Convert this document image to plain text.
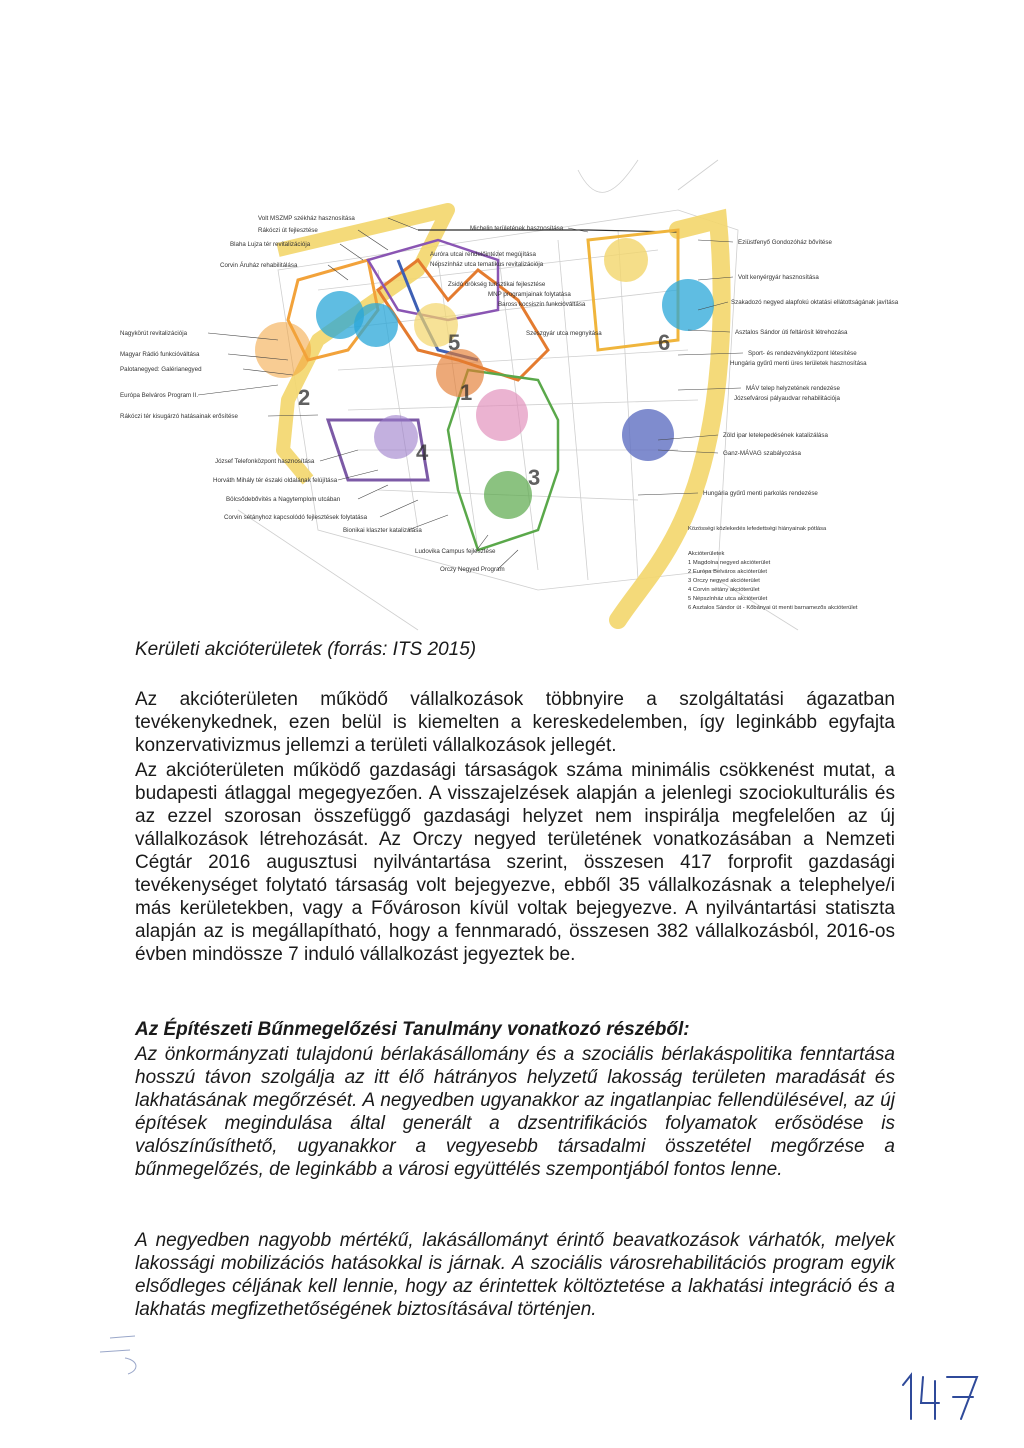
1
2
3
4
5	6
Volt MSZMP székház hasznosítása
Rákóczi út fejlesztése
Blaha Lujza tér revitalizációja
Corvin Áruház rehabilitálása
Nagykörút revitalizációja
Magyar Rádió funkcióváltása
Palotanegyed: Galérianegyed
Európa Belváros Program II.
Rákóczi tér kisugárzó hatásainak erősítése
József Telefonközpont hasznosítása
Horváth Mihály tér északi oldalának felújítása
Bölcsődebővítés a Nagytemplom utcában
Corvin sétányhoz kapcsolódó fejlesztések folytatása
Bionikai klaszter katalizálása
Ludovika Campus fejlesztése
Orczy Negyed Program
Michelin területének hasznosítása
Auróra utcai rendelőintézet megújítása
Népszínház utca tematikus revitalizációja
Zsidó örökség turisztikai fejlesztése
MNP programjainak folytatása
Baross kocsiszín funkcióváltása
Szeszgyár utca megnyitása
Eziüstfenyő Gondozóház bővítése
Volt kenyérgyár hasznosítása
Szakadozó negyed alapfokú oktatási ellátottságának javítása
Asztalos Sándor úti feltárósít létrehozása
Sport- és rendezvényközpont létesítése
Hungária gyűrű menti üres területek hasznosítása
MÁV telep helyzetének rendezése
Józsefvárosi pályaudvar rehabilitációja
Zöld ipar letelepedésének katalizálása
Ganz-MÁVAG szabályozása
Hungária gyűrű menti parkolás rendezése
Közösségi közlekedés lefedettségi hiányainak pótlása
Akcióterületek
1 Magdolna negyed akcióterület
2 Európa Belváros akcióterület
3 Orczy negyed akcióterület
4 Corvin sétány akcióterület
5 Népszínház utca akcióterület
6 Asztalos Sándor út - Kőbányai út menti barnamezős akcióterület
Kerületi akcióterületek (forrás: ITS 2015)
Az akcióterületen működő vállalkozások többnyire a szolgáltatási ágazatban tevékenykednek, ezen belül is kiemelten a kereskedelemben, így leginkább egyfajta konzervativizmus jellemzi a területi vállalkozások jellegét.
Az akcióterületen működő gazdasági társaságok száma minimális csökkenést mutat, a budapesti átlaggal megegyezően. A visszajelzések alapján a jelenlegi szociokulturális és az ezzel szorosan összefüggő gazdasági helyzet nem inspirálja megfelelően az új vállalkozások létrehozását. Az Orczy negyed területének vonatkozásában a Nemzeti Cégtár 2016 augusztusi nyilvántartása szerint, összesen 417 forprofit gazdasági tevékenységet folytató társaság volt bejegyezve, ebből 35 vállalkozásnak a telephelye/i más kerületekben, vagy a Fővároson kívül voltak bejegyezve. A nyilvántartási statiszta alapján az is megállapítható, hogy a fennmaradó, összesen 382 vállalkozásból, 2016-os évben mindössze 7 induló vállalkozást jegyeztek be.
Az Építészeti Bűnmegelőzési Tanulmány vonatkozó részéből:
Az önkormányzati tulajdonú bérlakásállomány és a szociális bérlakáspolitika fenntartása hosszú távon szolgálja az itt élő hátrányos helyzetű lakosság területen maradását és lakhatásának megőrzését. A negyedben ugyanakkor az ingatlanpiac fellendülésével, az új építések megindulása által generált a dzsentrifikációs folyamatok erősödése is valószínűsíthető, ugyanakkor a vegyesebb társadalmi összetétel megőrzése a bűnmegelőzés, de leginkább a városi együttélés szempontjából fontos lenne.
A negyedben nagyobb mértékű, lakásállományt érintő beavatkozások várhatók, melyek lakossági mobilizációs hatásokkal is járnak. A szociális városrehabilitációs program egyik elsődleges céljának kell lennie, hogy az érintettek költöztetése a lakhatási integráció és a lakhatás megfizethetőségének biztosításával történjen.
